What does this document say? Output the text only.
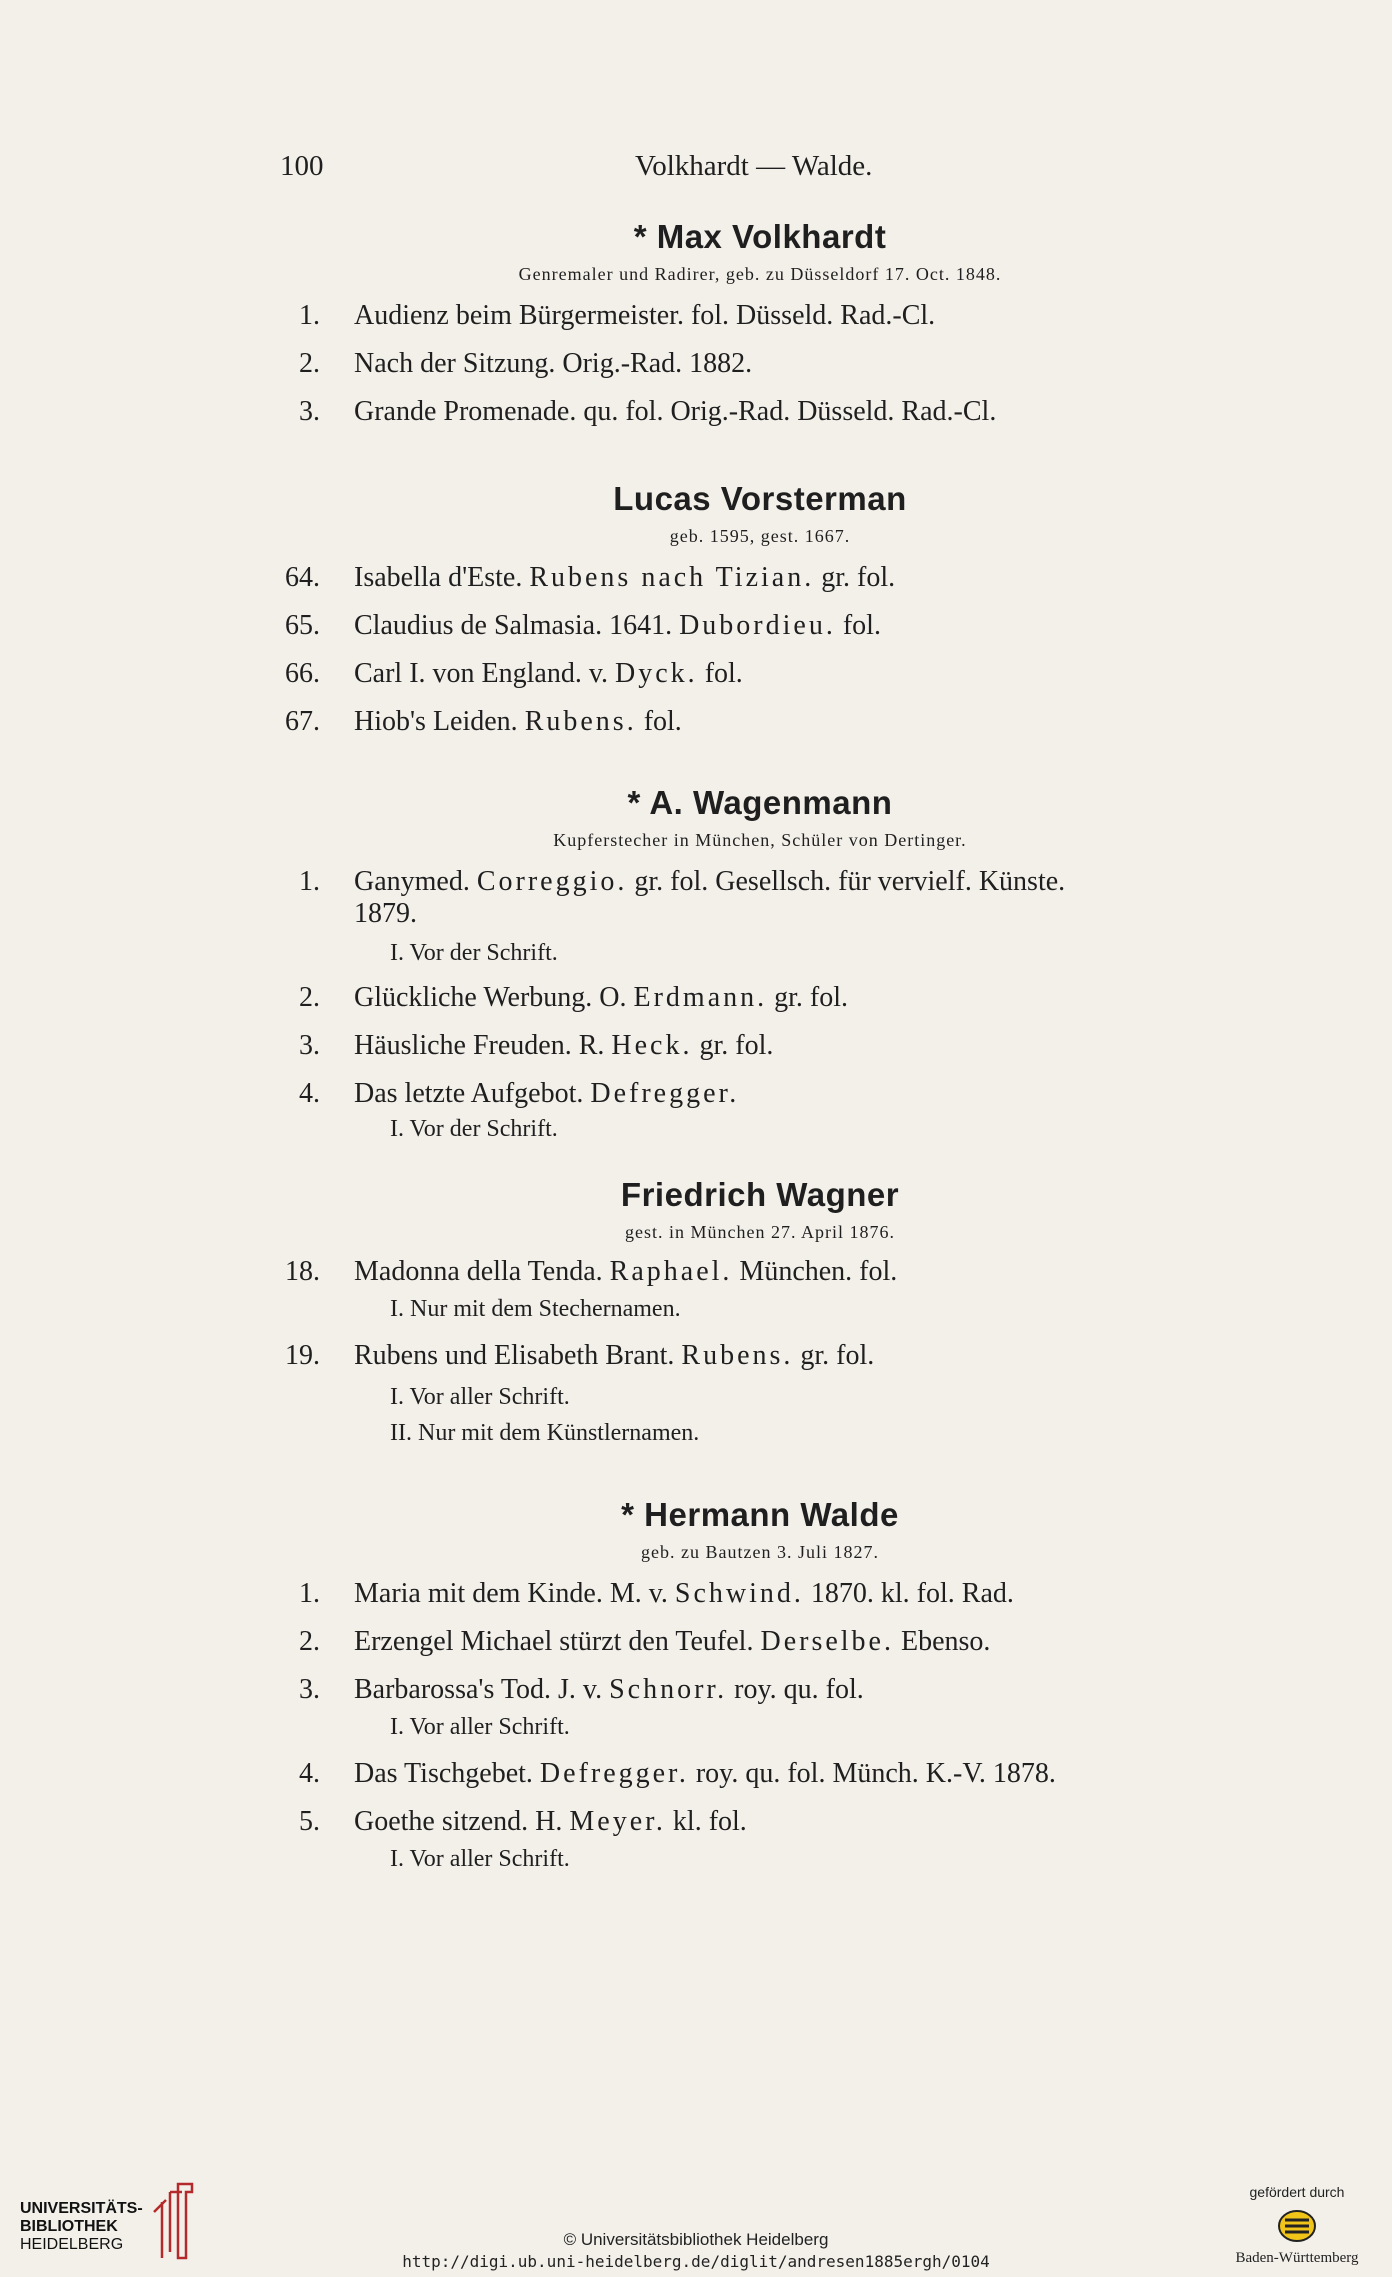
100	Volkhardt — Walde.
* Max Volkhardt
Genremaler und Radirer, geb. zu Düsseldorf 17. Oct. 1848.
1. Audienz beim Bürgermeister. fol. Düsseld. Rad.-Cl.
2. Nach der Sitzung. Orig.-Rad. 1882.
3. Grande Promenade. qu. fol. Orig.-Rad. Düsseld. Rad.-Cl.
Lucas Vorsterman
geb. 1595, gest. 1667.
64. Isabella d'Este. Rubens nach Tizian. gr. fol.
65. Claudius de Salmasia. 1641. Dubordieu. fol.
66. Carl I. von England. v. Dyck. fol.
67. Hiob's Leiden. Rubens. fol.
* A. Wagenmann
Kupferstecher in München, Schüler von Dertinger.
1. Ganymed. Correggio. gr. fol. Gesellsch. für vervielf. Künste.
1879.
I. Vor der Schrift.
2. Glückliche Werbung. O. Erdmann. gr. fol.
3. Häusliche Freuden. R. Heck. gr. fol.
4. Das letzte Aufgebot. Defregger.
I. Vor der Schrift.
Friedrich Wagner
gest. in München 27. April 1876.
18. Madonna della Tenda. Raphael. München. fol.
I. Nur mit dem Stechernamen.
19. Rubens und Elisabeth Brant. Rubens. gr. fol.
I. Vor aller Schrift.
II. Nur mit dem Künstlernamen.
* Hermann Walde
geb. zu Bautzen 3. Juli 1827.
1. Maria mit dem Kinde. M. v. Schwind. 1870. kl. fol. Rad.
2. Erzengel Michael stürzt den Teufel. Derselbe. Ebenso.
3. Barbarossa's Tod. J. v. Schnorr. roy. qu. fol.
I. Vor aller Schrift.
4. Das Tischgebet. Defregger. roy. qu. fol. Münch. K.-V. 1878.
5. Goethe sitzend. H. Meyer. kl. fol.
I. Vor aller Schrift.
UNIVERSITÄTS-
BIBLIOTHEK
HEIDELBERG	© Universitätsbibliothek Heidelberg
http://digi.ub.uni-heidelberg.de/diglit/andresen1885ergh/0104
gefördert durch
Baden-Württemberg
